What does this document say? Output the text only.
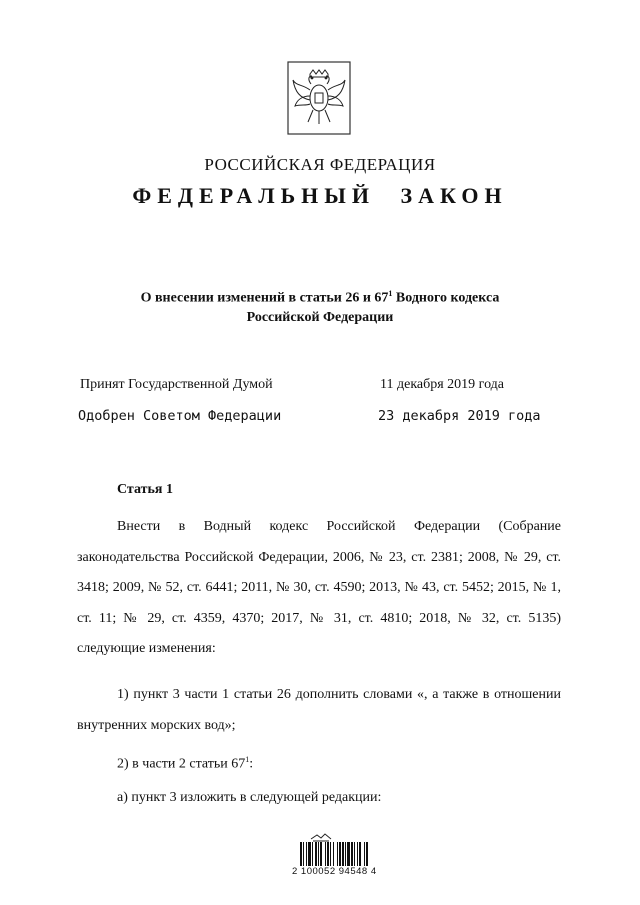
РОССИЙСКАЯ ФЕДЕРАЦИЯ
ФЕДЕРАЛЬНЫЙ ЗАКОН
О внесении изменений в статьи 26 и $67^1$ Водного кодекса
Российской Федерации
Принят Государственной Думой	11 декабря 2019 года
Одобрен Советом Федерации	23 декабря 2019 года
Статья 1
Внести в Водный кодекс Российской Федерации (Собрание законодательства Российской Федерации, 2006, № 23, ст. 2381; 2008, № 29, ст. 3418; 2009, № 52, ст. 6441; 2011, № 30, ст. 4590; 2013, № 43, ст. 5452; 2015, № 1, ст. 11; № 29, ст. 4359, 4370; 2017, № 31, ст. 4810; 2018, № 32, ст. 5135) следующие изменения:
1) пункт 3 части 1 статьи 26 дополнить словами «, а также в отношении внутренних морских вод»;
2) в части 2 статьи $67^1$:
а) пункт 3 изложить в следующей редакции:
2 100052 94548 4
